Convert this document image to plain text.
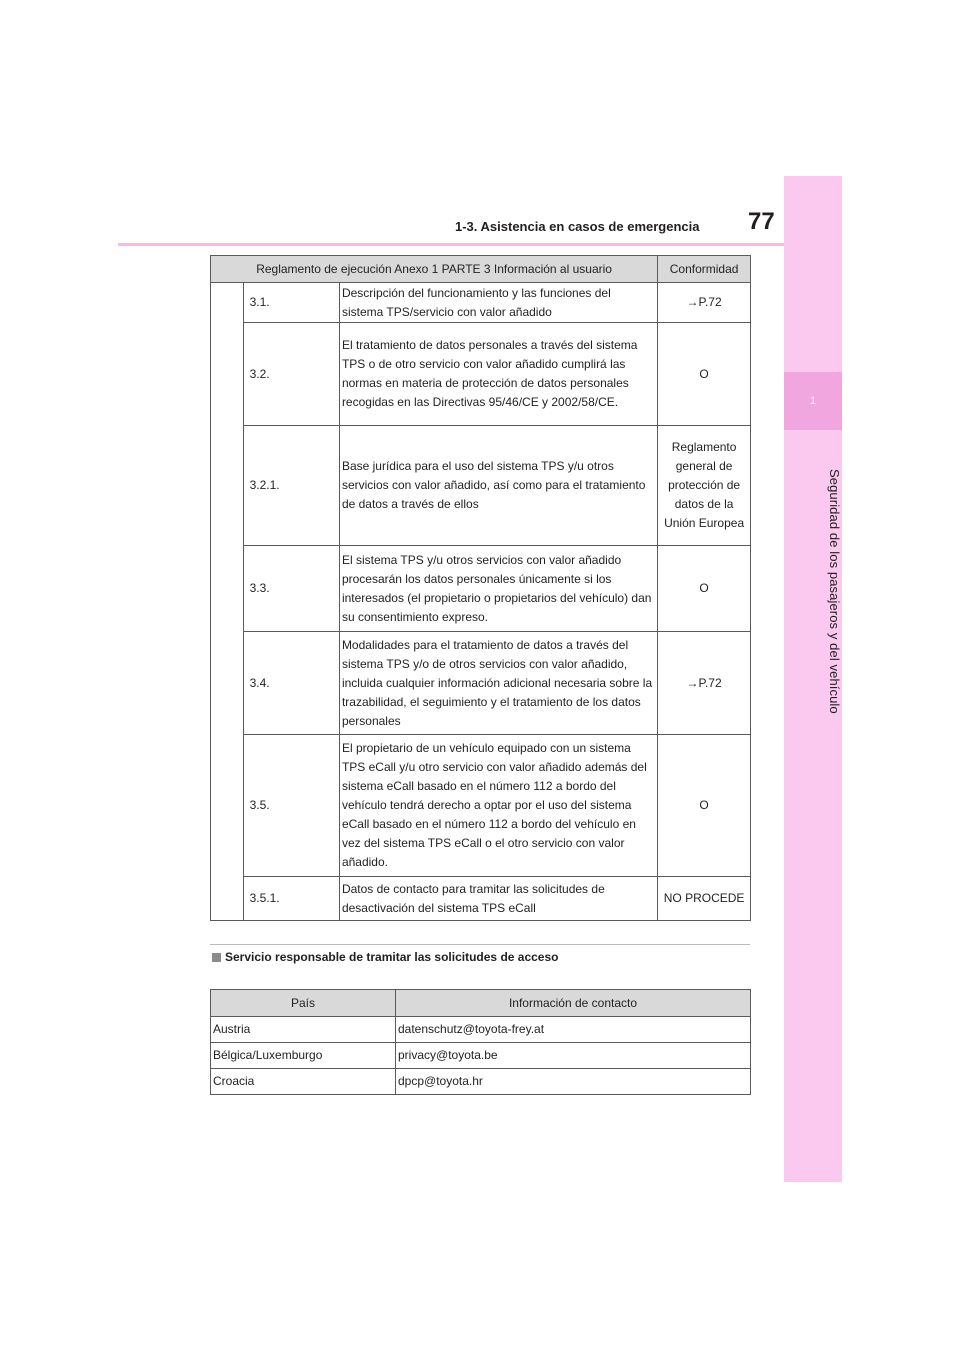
1
Seguridad de los pasajeros y del vehículo
1-3. Asistencia en casos de emergencia 77
Reglamento de ejecución Anexo 1 PARTE 3 Información al usuario			Conformidad
	3.1.	Descripción del funcionamiento y las funciones del sistema TPS/servicio con valor añadido	→P.72
	3.2.	El tratamiento de datos personales a través del sistema TPS o de otro servicio con valor añadido cumplirá las normas en materia de protección de datos personales recogidas en las Directivas 95/46/CE y 2002/58/CE.	O
	3.2.1.	Base jurídica para el uso del sistema TPS y/u otros servicios con valor añadido, así como para el tratamiento de datos a través de ellos	Reglamento general de protección de datos de la Unión Europea
	3.3.	El sistema TPS y/u otros servicios con valor añadido procesarán los datos personales únicamente si los interesados (el propietario o propietarios del vehículo) dan su consentimiento expreso.	O
	3.4.	Modalidades para el tratamiento de datos a través del sistema TPS y/o de otros servicios con valor añadido, incluida cualquier información adicional necesaria sobre la trazabilidad, el seguimiento y el tratamiento de los datos personales	→P.72
	3.5.	El propietario de un vehículo equipado con un sistema TPS eCall y/u otro servicio con valor añadido además del sistema eCall basado en el número 112 a bordo del vehículo tendrá derecho a optar por el uso del sistema eCall basado en el número 112 a bordo del vehículo en vez del sistema TPS eCall o el otro servicio con valor añadido.	O
	3.5.1.	Datos de contacto para tramitar las solicitudes de desactivación del sistema TPS eCall	NO PROCEDE
Servicio responsable de tramitar las solicitudes de acceso
País	Información de contacto
Austria	datenschutz@toyota-frey.at
Bélgica/Luxemburgo	privacy@toyota.be
Croacia	dpcp@toyota.hr
